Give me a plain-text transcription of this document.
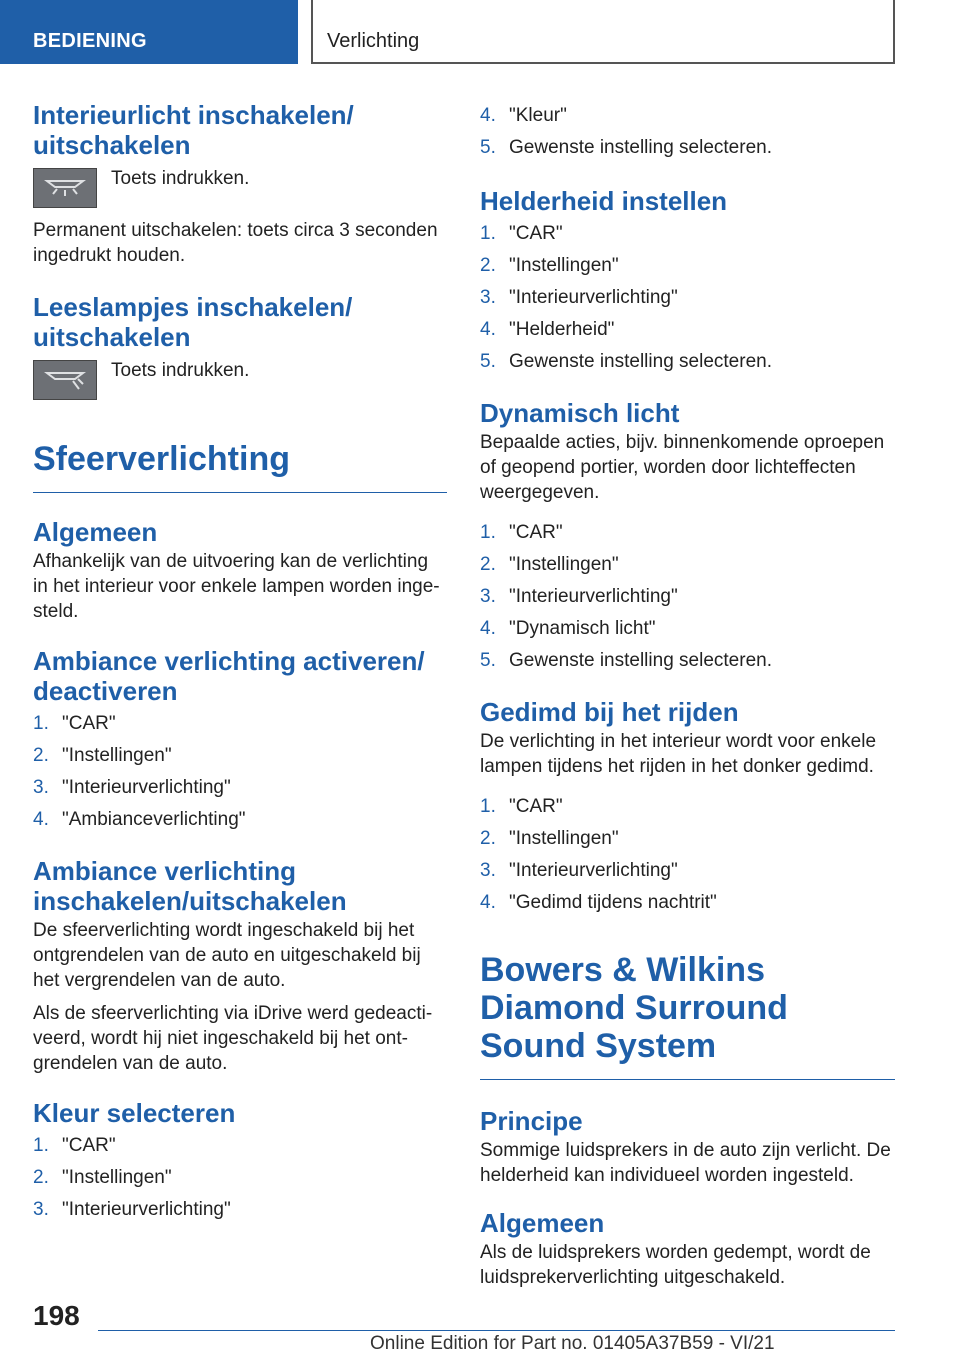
BEDIENING	Verlichting
Interieurlicht inschakelen/ uitschakelen

Toets indrukken.

Permanent uitschakelen: toets circa 3 seconden ingedrukt houden.

Leeslampjes inschakelen/ uitschakelen

Toets indrukken.

Sfeerverlichting
Algemeen

Afhankelijk van de uitvoering kan de verlichting in het interieur voor enkele lampen worden inge-steld.

Ambiance verlichting activeren/ deactiveren
1. "CAR"
2. "Instellingen"
3. "Interieurverlichting"
4. "Ambianceverlichting"
Ambiance verlichting inschakelen/uitschakelen

De sfeerverlichting wordt ingeschakeld bij het ontgrendelen van de auto en uitgeschakeld bij het vergrendelen van de auto.

Als de sfeerverlichting via iDrive werd gedeacti-veerd, wordt hij niet ingeschakeld bij het ont-grendelen van de auto.

Kleur selecteren
1. "CAR"
2. "Instellingen"
3. "Interieurverlichting"
4. "Kleur"
5. Gewenste instelling selecteren.
Helderheid instellen
1. "CAR"
2. "Instellingen"
3. "Interieurverlichting"
4. "Helderheid"
5. Gewenste instelling selecteren.
Dynamisch licht

Bepaalde acties, bijv. binnenkomende oproepen of geopend portier, worden door lichteffecten weergegeven.

1. "CAR"
2. "Instellingen"
3. "Interieurverlichting"
4. "Dynamisch licht"
5. Gewenste instelling selecteren.
Gedimd bij het rijden

De verlichting in het interieur wordt voor enkele lampen tijdens het rijden in het donker gedimd.

1. "CAR"
2. "Instellingen"
3. "Interieurverlichting"
4. "Gedimd tijdens nachtrit"
Bowers & Wilkins Diamond Surround Sound System
Principe

Sommige luidsprekers in de auto zijn verlicht. De helderheid kan individueel worden ingesteld.

Algemeen

Als de luidsprekers worden gedempt, wordt de luidsprekerverlichting uitgeschakeld.

198
Online Edition for Part no. 01405A37B59 - VI/21
